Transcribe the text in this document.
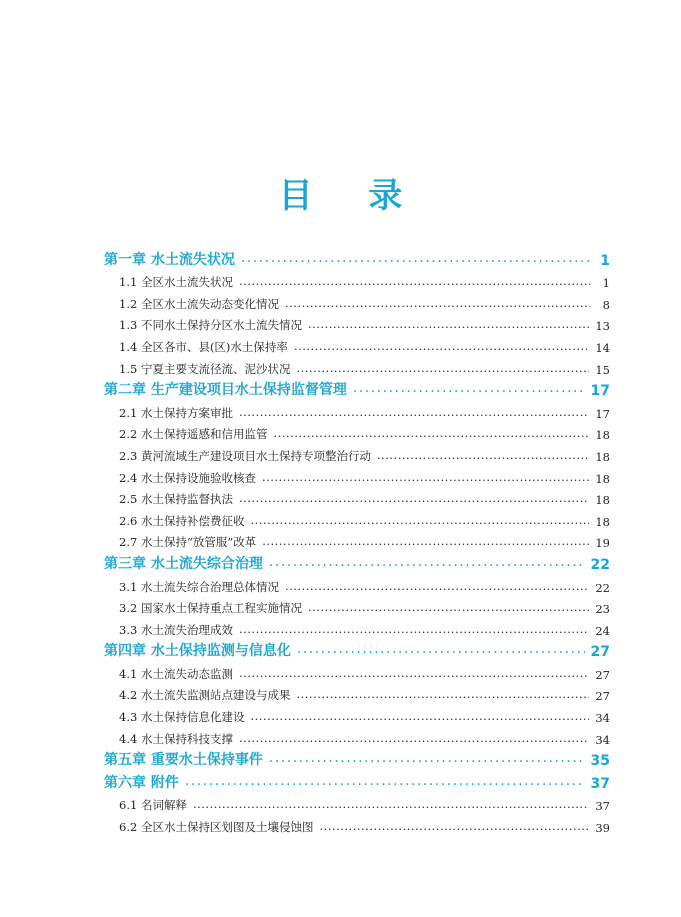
目 录
第一章 水土流失状况 ·····	1
1.1 全区水土流失状况 ·····	1
1.2 全区水土流失动态变化情况 ·····	8
1.3 不同水土保持分区水土流失情况 ·····	13
1.4 全区各市、县(区)水土保持率 ·····	14
1.5 宁夏主要支流径流、泥沙状况 ·····	15
第二章 生产建设项目水土保持监督管理 ·····	17
2.1 水土保持方案审批 ·····	17
2.2 水土保持遥感和信用监管 ·····	18
2.3 黄河流域生产建设项目水土保持专项整治行动 ·····	18
2.4 水土保持设施验收核查 ·····	18
2.5 水土保持监督执法 ·····	18
2.6 水土保持补偿费征收 ·····	18
2.7 水土保持“放管服”改革 ·····	19
第三章 水土流失综合治理 ·····	22
3.1 水土流失综合治理总体情况 ·····	22
3.2 国家水土保持重点工程实施情况 ·····	23
3.3 水土流失治理成效 ·····	24
第四章 水土保持监测与信息化 ·····	27
4.1 水土流失动态监测 ·····	27
4.2 水土流失监测站点建设与成果 ·····	27
4.3 水土保持信息化建设 ·····	34
4.4 水土保持科技支撑 ·····	34
第五章 重要水土保持事件 ·····	35
第六章 附件 ·····	37
6.1 名词解释 ·····	37
6.2 全区水土保持区划图及土壤侵蚀图 ·····	39
